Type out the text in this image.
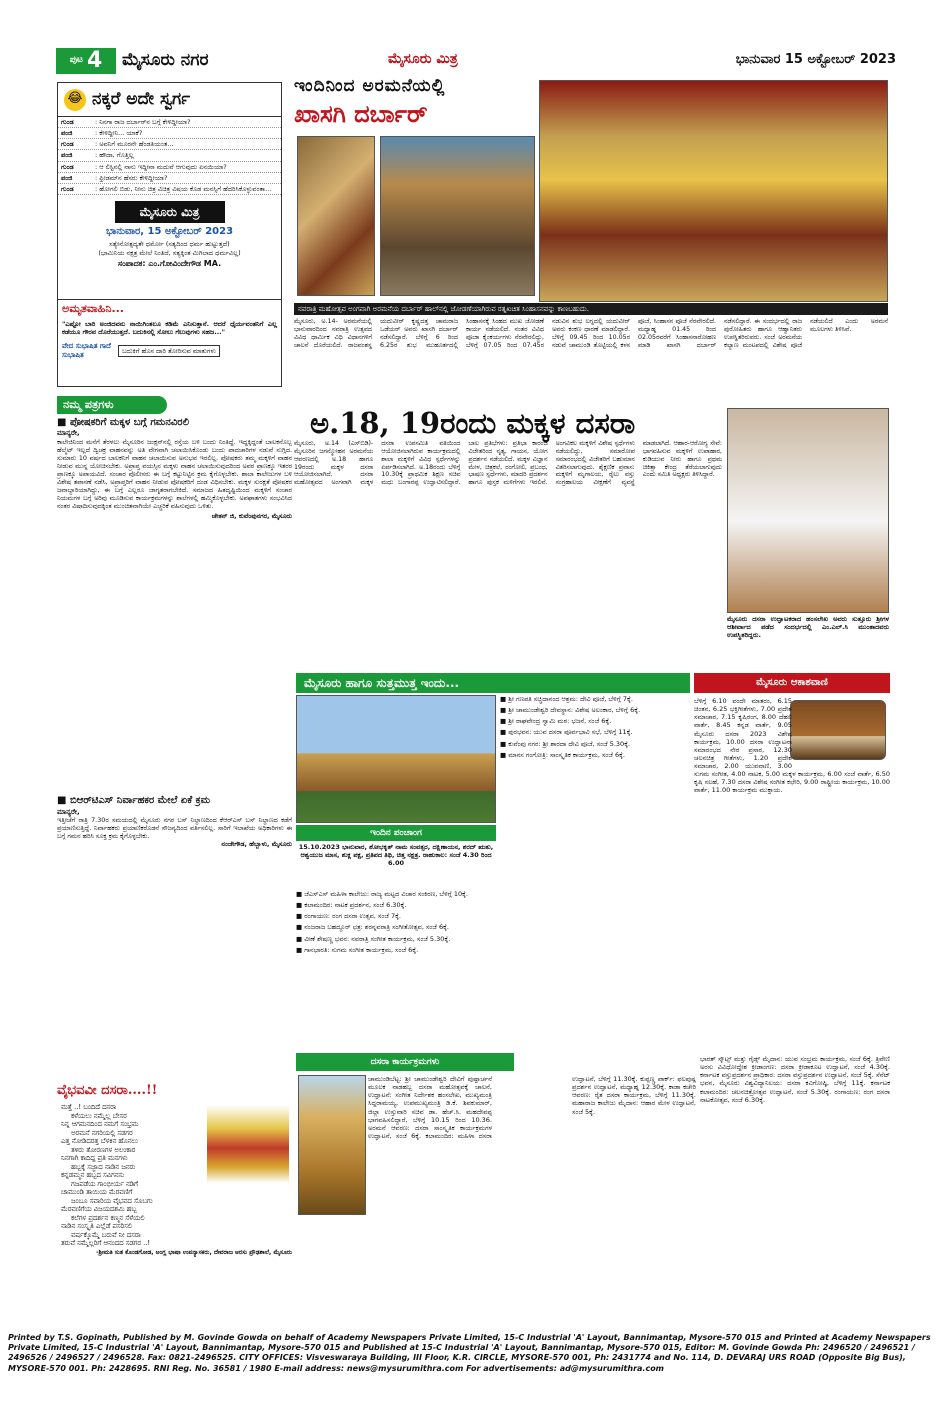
ಪುಟ 4 ಮೈಸೂರು ನಗರ	ಮೈಸೂರು ಮಿತ್ರ	ಭಾನುವಾರ 15 ಅಕ್ಟೋಬರ್ 2023
😂 ನಕ್ಕರೆ ಅದೇ ಸ್ವರ್ಗ
ಗುಂಡ	: ನಿನಗಾ ರಾಜ ದರ್ಬಾರ್‌ನ ಬಗ್ಗೆ ಕೇಳಿದ್ದೀಯಾ?
ಪಂಜಿ	: ಕೇಳಿದ್ದೀನಿ... ಯಾಕೆ?
ಗುಂಡ	: ಅವನಿಗೆ ಮೂರನೇ ಹೆಂಡತಿಯಂತ...
ಪಂಜಿ	: ಹೌದಾ, ಗೊತ್ತಿಲ್ಲ
ಗುಂಡ	: ಆ ಲಿಸ್ಟಿನಲ್ಲಿ ನಾನು ಇದ್ದೀನಾ ಮದುವೆ ಆಗುವುದು ಏನಯಿಯಾ?
ಪಂಜಿ	: ಫ್ರೀಡಮ್‌ನ ಹೆಸರು ಕೇಳಿದ್ದೀಯಾ?
ಗುಂಡ	: ಹೋಗಲಿ ಬಿಡು, ನೀನು ಚಿತ್ರ ವಿಚಿತ್ರ ವಿಷಯ ಕೊಡ ಮನಸ್ಸಿಗೆ ಹೆದರಿಸಿಕೊಳ್ಳುವಂತಾ...
ಮೈಸೂರು ಮಿತ್ರ
ಭಾನುವಾರ, 15 ಅಕ್ಟೋಬರ್ 2023
ಸತ್ಯೇನೋತ್ಪದ್ಯತೇ ಧರ್ಮೋ (ಸತ್ಯದಿಂದ ಧರ್ಮ ಹುಟ್ಟುತ್ತದೆ)
(ಭಾಮಿನಿಯ ನಕ್ಷತ್ರ ಮೇಲೆ ನಿಂತಿದೆ, ಸತ್ಯಕ್ಕಿಂತ ಮಿಗಿಲಾದ ಧರ್ಮವಿಲ್ಲ)
ಸಂಪಾದಕ: ಎಂ.ಗೋವಿಂದೇಗೌಡ MA.
ಅಮೃತವಾಹಿನಿ...
"ಎಷ್ಟೋ ಬಾರಿ ಅಂಜಿದವನು ನಾಯಿಗಿಂತಲೂ ಕಡಿಮೆ ಎನಿಸುತ್ತಾನೆ. ಆದರೆ ಧೈರ್ಯವಂತನಿಗೆ ಎಲ್ಲ ಕಡೆಯೂ ಗೌರವ ದೊರೆಯುತ್ತದೆ. ಬದುಕಿನಲ್ಲಿ ಸೋಲು ಗೆಲುವುಗಳು ಸಹಜ..."
ವೇದ ಸುಭಾಷಿತ ಗಾದೆ ಸುಭಾಷಿತ
ಬದುಕಿಗೆ ಹೊಸ ದಾರಿ ತೋರಿಸುವ ಮಾತುಗಳು
ನಮ್ಮ ಪತ್ರಗಳು
■ ಪೋಷಕರಿಗೆ ಮಕ್ಕಳ ಬಗ್ಗೆ ಗಮನವಿರಲಿ
ಮಾನ್ಯರೇ,
ಕಾಲೇಜಿನಿಂದ ಮನೆಗೆ ತೆರಳಲು ಮೈಸೂರಿನ ಜಂಕ್ಷನ್‌ನಲ್ಲಿ ರಸ್ತೆಯ ಬಳಿ ಬಂದು ನಿಂತಿದ್ದೆ. ಇದ್ದಕ್ಕಿದ್ದಂತೆ ಬಾಲಕನೊಬ್ಬ ಹೆಲ್ಮೆಟ್ ಇಲ್ಲದೆ ದ್ವಿಚಕ್ರ ವಾಹನವನ್ನು ಅತಿ ವೇಗವಾಗಿ ಚಲಾಯಿಸಿಕೊಂಡು ಬಂದು ಪಾದಚಾರಿಗಳ ನಡುವೆ ನುಗ್ಗಿದ. ಸುಮಾರು 10 ವರ್ಷದ ಬಾಲಕನಿಗೆ ವಾಹನ ಚಲಾಯಿಸುವ ಅನುಭವ ಇರಲಿಲ್ಲ. ಪೋಷಕರು ತಮ್ಮ ಮಕ್ಕಳಿಗೆ ವಾಹನ ನೀಡುವ ಮುನ್ನ ಯೋಚಿಸಬೇಕು. ಅಪ್ರಾಪ್ತ ವಯಸ್ಸಿನ ಮಕ್ಕಳು ವಾಹನ ಚಲಾಯಿಸುವುದರಿಂದ ಅವರ ಪ್ರಾಣಕ್ಕೂ ಇತರರ ಪ್ರಾಣಕ್ಕೂ ಅಪಾಯವಿದೆ. ಸಂಚಾರ ಪೊಲೀಸರು ಈ ಬಗ್ಗೆ ಕಟ್ಟುನಿಟ್ಟಿನ ಕ್ರಮ ಕೈಗೊಳ್ಳಬೇಕು. ಶಾಲಾ ಕಾಲೇಜುಗಳ ಬಳಿ ವಿಶೇಷ ತಪಾಸಣೆ ನಡೆಸಿ, ಅಪ್ರಾಪ್ತರಿಗೆ ವಾಹನ ನೀಡುವ ಪೋಷಕರಿಗೆ ದಂಡ ವಿಧಿಸಬೇಕು. ಮಕ್ಕಳ ಸುರಕ್ಷತೆ ಪೋಷಕರ ಜವಾಬ್ದಾರಿಯಾಗಿದ್ದು, ಈ ಬಗ್ಗೆ ಎಲ್ಲರೂ ಜಾಗೃತರಾಗಬೇಕಿದೆ. ಸಮಾಜದ ಹಿತದೃಷ್ಟಿಯಿಂದ ಮಕ್ಕಳಿಗೆ ಸಂಚಾರ ನಿಯಮಗಳ ಬಗ್ಗೆ ಅರಿವು ಮೂಡಿಸುವ ಕಾರ್ಯಕ್ರಮಗಳನ್ನು ಶಾಲೆಗಳಲ್ಲಿ ಹಮ್ಮಿಕೊಳ್ಳಬೇಕು. ಅಪಘಾತಗಳು ಸಂಭವಿಸಿದ ನಂತರ ವಿಷಾದಿಸುವುದಕ್ಕಿಂತ ಮುಂಚಿತವಾಗಿಯೇ ಎಚ್ಚರಿಕೆ ವಹಿಸುವುದು ಒಳಿತು.
ಚೇತನ್ ಜಿ, ಕುವೆಂಪುನಗರ, ಮೈಸೂರು
■ ಬಿಆರ್‌ಟಿಎಸ್ ನಿರ್ವಾಹಕರ ಮೇಲೆ ಏಕೆ ಕ್ರಮ
ಮಾನ್ಯರೇ,
ಇತ್ತೀಚೆಗೆ ರಾತ್ರಿ 7.30ರ ಸಮಯದಲ್ಲಿ ಮೈಸೂರು ನಗರ ಬಸ್ ನಿಲ್ದಾಣದಿಂದ ಕೆಆರ್‌ಎಸ್ ಬಸ್ ನಿಲ್ದಾಣದ ಕಡೆಗೆ ಪ್ರಯಾಣಿಸುತ್ತಿದ್ದೆ. ನಿರ್ವಾಹಕರು ಪ್ರಯಾಣಿಕರೊಡನೆ ಸೌಜನ್ಯದಿಂದ ವರ್ತಿಸಲಿಲ್ಲ. ಸಾರಿಗೆ ಇಲಾಖೆಯ ಅಧಿಕಾರಿಗಳು ಈ ಬಗ್ಗೆ ಗಮನ ಹರಿಸಿ ಸೂಕ್ತ ಕ್ರಮ ಕೈಗೊಳ್ಳಬೇಕು.
ನಂಜೇಗೌಡ, ಹೆಬ್ಬಾಳು, ಮೈಸೂರು
ವೈಭವವೀ ದಸರಾ....!!
ಮತ್ತೆ ..! ಬಂದಿದೆ ದಸರಾ
ಕಳೆಯಲು ನಮ್ಮೆಲ್ಲ ಬೇಸರ
ನಿನ್ನ ಆಗಮನದಿಂದ ನಮಗೆ ಸಂಭ್ರಮ
ಅರಮನೆ ನಗರಿಯಲ್ಲಿ ಸಡಗರ
ಎತ್ತ ನೋಡಿದರತ್ತ ಬೆಳಕಿನ ಹೊನಲು
ತಳಿರು ತೋರಣಗಳ ಅಲಂಕಾರ
ನಿನಗಾಗಿ ಕಾದಿದ್ದ ಪ್ರತಿ ಮನಗಳು
ಹಬ್ಬಕ್ಕೆ ಸಜ್ಜಾದ ನಾಡಿನ ಜನರು
ಕನ್ನಡಮ್ಮನ ಹಬ್ಬದ ಸವಿಗನಸು
ಗಜಪಡೆಯ ಗಾಂಭೀರ್ಯ ನಡಿಗೆ
ಚಾಮುಂಡಿ ತಾಯಿಯ ಮೆರವಣಿಗೆ
ಜಂಬೂ ಸವಾರಿಯ ವೈಭವದ ಸೊಬಗು
ಮೆರವಣಿಗೆಯ ವಿಜಯದಶಮಿ ಹಬ್ಬ
ಕಲೆಗಳ ಪ್ರದರ್ಶನ ಕಣ್ಮನ ಸೆಳೆಯಲಿ
ನಾಡಿನ ಸಂಸ್ಕೃತಿ ಎಲ್ಲೆಡೆ ಪಸರಿಸಲಿ
ವರ್ಷಕ್ಕೊಮ್ಮೆ ಬರುವೆ ನೀ ದಸರಾ
ತರುವೆ ನಮ್ಮೆಲ್ಲರಿಗೆ ಆನಂದದ ಸಡಗರ ..!
-ಶ್ರೀಮತಿ ಸುತ ಕೊಂಡಗೋಡ, ಅಂಗ್ಲ ಭಾಷಾ ಉಪನ್ಯಾಸಕರು, ದೇವರಾಜ ಅರಸು ಪ್ರೌಢಶಾಲೆ, ಮೈಸೂರು
ಇಂದಿನಿಂದ ಅರಮನೆಯಲ್ಲಿ
ಖಾಸಗಿ ದರ್ಬಾರ್
ನವರಾತ್ರಿ ಮಹೋತ್ಸವ ಅಂಗವಾಗಿ ಅರಮನೆಯ ದರ್ಬಾರ್ ಹಾಲ್‌ನಲ್ಲಿ ಜೋಡಣೆಯಾಗಿರುವ ರತ್ನಖಚಿತ ಸಿಂಹಾಸನವನ್ನು ಕಾಣಬಹುದು.
ಮೈಸೂರು, ಅ.14- ಅರಮನೆಯಲ್ಲಿ ಭಾನುವಾರದಿಂದ ನವರಾತ್ರಿ ಉತ್ಸವದ ವಿವಿಧ ಧಾರ್ಮಿಕ ವಿಧಿ ವಿಧಾನಗಳಿಗೆ ಚಾಲನೆ ದೊರೆಯಲಿದೆ. ರಾಜವಂಶಸ್ಥ ಯದುವೀರ್ ಕೃಷ್ಣದತ್ತ ಚಾಮರಾಜ ಒಡೆಯರ್ ಅವರು ಖಾಸಗಿ ದರ್ಬಾರ್ ನಡೆಸಲಿದ್ದಾರೆ. ಬೆಳಿಗ್ಗೆ 6 ರಿಂದ 6.25ರ ಶುಭ ಮುಹೂರ್ತದಲ್ಲಿ ಸಿಂಹಾಸನಕ್ಕೆ ಸಿಂಹದ ಮುಖ ಜೋಡಣೆ ಕಾರ್ಯ ನಡೆಯಲಿದೆ. ನಂತರ ವಿವಿಧ ಪೂಜಾ ಕೈಂಕರ್ಯಗಳು ನೆರವೇರಲಿದ್ದು, ಬೆಳಿಗ್ಗೆ 07.05 ರಿಂದ 07.45ರ ನಡುವಿನ ಶುಭ ಲಗ್ನದಲ್ಲಿ ಯದುವೀರ್ ಅವರು ಕಂಕಣ ಧಾರಣೆ ಮಾಡಲಿದ್ದಾರೆ. ಬೆಳಿಗ್ಗೆ 09.45 ರಿಂದ 10.05ರ ನಡುವೆ ಚಾಮುಂಡಿ ತೊಟ್ಟಿಯಲ್ಲಿ ಕಳಸ ಪೂಜೆ, ಸಿಂಹಾಸನ ಪೂಜೆ ನೆರವೇರಲಿದೆ. ಮಧ್ಯಾಹ್ನ 01.45 ರಿಂದ 02.05ರವರೆಗೆ ಸಿಂಹಾಸನಾರೋಹಣ ಮಾಡಿ ಖಾಸಗಿ ದರ್ಬಾರ್ ನಡೆಸಲಿದ್ದಾರೆ. ಈ ಸಂದರ್ಭದಲ್ಲಿ ರಾಜ ಪುರೋಹಿತರು ಹಾಗೂ ಆಹ್ವಾನಿತರು ಉಪಸ್ಥಿತರಿರುವರು. ಸಂಜೆ ಅರಮನೆಯ ಕಲ್ಯಾಣ ಮಂಟಪದಲ್ಲಿ ವಿಶೇಷ ಪೂಜೆ ನಡೆಯಲಿದೆ ಎಂದು ಅರಮನೆ ಮೂಲಗಳು ತಿಳಿಸಿವೆ.
ಅ.18, 19ರಂದು ಮಕ್ಕಳ ದಸರಾ
ಮೈಸೂರು, ಅ.14 (ಎಸ್‌ಬಿಡಿ)- ಮೈಸೂರಿನ ಜಗನ್ಮೋಹನ ಅರಮನೆಯ ಆವರಣದಲ್ಲಿ ಅ.18 ಹಾಗೂ 19ರಂದು ಮಕ್ಕಳ ದಸರಾ ಆಯೋಜಿಸಲಾಗಿದೆ. ದಸರಾ ಮಹೋತ್ಸವದ ಅಂಗವಾಗಿ ಮಕ್ಕಳ ದಸರಾ ಉಪಸಮಿತಿ ವತಿಯಿಂದ ಆಯೋಜಿಸಲಾಗಿರುವ ಕಾರ್ಯಕ್ರಮದಲ್ಲಿ ಶಾಲಾ ಮಕ್ಕಳಿಗೆ ವಿವಿಧ ಸ್ಪರ್ಧೆಗಳನ್ನು ಏರ್ಪಡಿಸಲಾಗಿದೆ. ಅ.18ರಂದು ಬೆಳಿಗ್ಗೆ 10.30ಕ್ಕೆ ಪ್ರಾಥಮಿಕ ಶಿಕ್ಷಣ ಸಚಿವ ಮಧು ಬಂಗಾರಪ್ಪ ಉದ್ಘಾಟಿಸಲಿದ್ದಾರೆ. ಬಾಲ ಪ್ರತಿಭೆಗಳು: ಪ್ರತಿಭಾ ಕಾರಂಜಿ ವಿಜೇತರಿಂದ ನೃತ್ಯ, ಗಾಯನ, ಯೋಗ ಪ್ರದರ್ಶನ ನಡೆಯಲಿದೆ. ಮಕ್ಕಳ ವಿಜ್ಞಾನ ಮೇಳ, ಚಿತ್ರಕಲೆ, ರಂಗೋಲಿ, ಪ್ರಬಂಧ, ಭಾಷಣ ಸ್ಪರ್ಧೆಗಳು, ಮಾದರಿ ಪ್ರದರ್ಶನ ಹಾಗೂ ಪುಸ್ತಕ ಮಳಿಗೆಗಳು ಇರಲಿವೆ. ಅಂಗವಿಕಲ ಮಕ್ಕಳಿಗೆ ವಿಶೇಷ ಸ್ಪರ್ಧೆಗಳು ನಡೆಯಲಿದ್ದು, ಸಮಾರೋಪ ಸಮಾರಂಭದಲ್ಲಿ ವಿಜೇತರಿಗೆ ಬಹುಮಾನ ವಿತರಿಸಲಾಗುವುದು. ಶೈಕ್ಷಣಿಕ ಪ್ರವಾಸ: ಮಕ್ಕಳಿಗೆ ಮೃಗಾಲಯ, ರೈಲು ವಸ್ತು ಸಂಗ್ರಹಾಲಯ ವೀಕ್ಷಣೆಗೆ ವ್ಯವಸ್ಥೆ ಮಾಡಲಾಗಿದೆ. ಆಹಾರ-ಆರೋಗ್ಯ ಸೇವೆ: ಭಾಗವಹಿಸುವ ಮಕ್ಕಳಿಗೆ ಉಪಾಹಾರ, ಕುಡಿಯುವ ನೀರು ಹಾಗೂ ಪ್ರಥಮ ಚಿಕಿತ್ಸಾ ಕೇಂದ್ರ ತೆರೆಯಲಾಗುವುದು ಎಂದು ಸಮಿತಿ ಅಧ್ಯಕ್ಷರು ತಿಳಿಸಿದ್ದಾರೆ.
ಮೈಸೂರು ದಸರಾ ಉದ್ಘಾಟಕರಾದ ಹಂಸಲೇಖ ಅವರು ಸುತ್ತೂರು ಶ್ರೀಗಳ ಆಶೀರ್ವಾದ ಪಡೆದ ಸಂದರ್ಭದಲ್ಲಿ ಎಂ.ಎಲ್.ಸಿ ಮುಂತಾದವರು ಉಪಸ್ಥಿತರಿದ್ದರು.
ಮೈಸೂರು ಹಾಗೂ ಸುತ್ತಮುತ್ತ ಇಂದು...
ಇಂದಿನ ಪಂಚಾಂಗ
15.10.2023 ಭಾನುವಾರ, ಶೋಭಕೃತ್ ನಾಮ ಸಂವತ್ಸರ, ದಕ್ಷಿಣಾಯನ, ಶರದ್ ಋತು, ಆಶ್ವಯುಜ ಮಾಸ, ಶುಕ್ಲ ಪಕ್ಷ, ಪ್ರತಿಪದ ತಿಥಿ, ಚಿತ್ತ ನಕ್ಷತ್ರ. ರಾಹುಕಾಲ: ಸಂಜೆ 4.30 ರಿಂದ 6.00
■ ಜೆಎಸ್‌ಎಸ್ ಮಹಿಳಾ ಕಾಲೇಜು: ರಾಜ್ಯ ಮಟ್ಟದ ವಿಚಾರ ಸಂಕಿರಣ, ಬೆಳಿಗ್ಗೆ 10ಕ್ಕೆ.
■ ಕಲಾಮಂದಿರ: ನಾಟಕ ಪ್ರದರ್ಶನ, ಸಂಜೆ 6.30ಕ್ಕೆ.
■ ರಂಗಾಯಣ: ರಂಗ ದಸರಾ ಉತ್ಸವ, ಸಂಜೆ 7ಕ್ಕೆ.
■ ನಂಜರಾಜ ಬಹದ್ದೂರ್ ಛತ್ರ: ಶರನ್ನವರಾತ್ರಿ ಸಂಗೀತೋತ್ಸವ, ಸಂಜೆ 6ಕ್ಕೆ.
■ ವೀಣೆ ಶೇಷಣ್ಣ ಭವನ: ನವರಾತ್ರಿ ಸಂಗೀತ ಕಾರ್ಯಕ್ರಮ, ಸಂಜೆ 5.30ಕ್ಕೆ.
■ ಗಾನಭಾರತಿ: ಸುಗಮ ಸಂಗೀತ ಕಾರ್ಯಕ್ರಮ, ಸಂಜೆ 6ಕ್ಕೆ.
■ ಶ್ರೀ ಗಣಪತಿ ಸಚ್ಚಿದಾನಂದ ಆಶ್ರಮ: ದೇವಿ ಪೂಜೆ, ಬೆಳಿಗ್ಗೆ 7ಕ್ಕೆ.
■ ಶ್ರೀ ಚಾಮುಂಡೇಶ್ವರಿ ದೇವಸ್ಥಾನ: ವಿಶೇಷ ಅಲಂಕಾರ, ಬೆಳಿಗ್ಗೆ 6ಕ್ಕೆ.
■ ಶ್ರೀ ರಾಘವೇಂದ್ರ ಸ್ವಾಮಿ ಮಠ: ಭಜನೆ, ಸಂಜೆ 6ಕ್ಕೆ.
■ ಪುರಭವನ: ಯುವ ದಸರಾ ಪೂರ್ವಭಾವಿ ಸಭೆ, ಬೆಳಿಗ್ಗೆ 11ಕ್ಕೆ.
■ ಕುವೆಂಪು ನಗರ: ಶ್ರೀ ಶಾರದಾ ದೇವಿ ಪೂಜೆ, ಸಂಜೆ 5.30ಕ್ಕೆ.
■ ಮಾನಸ ಗಂಗೋತ್ರಿ: ಸಾಂಸ್ಕೃತಿಕ ಕಾರ್ಯಕ್ರಮ, ಸಂಜೆ 6ಕ್ಕೆ.
ಮೈಸೂರು ಆಕಾಶವಾಣಿ
ಬೆಳಿಗ್ಗೆ 6.10 ವಂದೇ ಮಾತರಂ, 6.15 ಚಿಂತನ, 6.25 ಭಕ್ತಿಗೀತೆಗಳು, 7.00 ಪ್ರದೇಶ ಸಮಾಚಾರ, 7.15 ಕೃಷಿರಂಗ, 8.00 ದೆಹಲಿ ವಾರ್ತೆ, 8.45 ಕನ್ನಡ ವಾರ್ತೆ, 9.05 ಮೈಸೂರು ದಸರಾ 2023 ವಿಶೇಷ ಕಾರ್ಯಕ್ರಮ, 10.00 ದಸರಾ ಉದ್ಘಾಟನಾ ಸಮಾರಂಭದ ನೇರ ಪ್ರಸಾರ, 12.30 ಚಲನಚಿತ್ರ ಗೀತೆಗಳು, 1.20 ಪ್ರದೇಶ ಸಮಾಚಾರ, 2.00 ಯುವವಾಣಿ, 3.00 ಸುಗಮ ಸಂಗೀತ, 4.00 ನಾಟಕ, 5.00 ಮಕ್ಕಳ ಕಾರ್ಯಕ್ರಮ, 6.00 ಸಂಜೆ ವಾರ್ತೆ, 6.50 ಕೃಷಿ ಸಲಹೆ, 7.30 ದಸರಾ ವಿಶೇಷ ಸಂಗೀತ ಕಛೇರಿ, 9.00 ರಾಷ್ಟ್ರೀಯ ಕಾರ್ಯಕ್ರಮ, 10.00 ವಾರ್ತೆ, 11.00 ಕಾರ್ಯಕ್ರಮ ಮುಕ್ತಾಯ.
ದಸರಾ ಕಾರ್ಯಕ್ರಮಗಳು
ಚಾಮುಂಡಿಬೆಟ್ಟ: ಶ್ರೀ ಚಾಮುಂಡೇಶ್ವರಿ ದೇವಿಗೆ ಪುಷ್ಪಾರ್ಚನೆ ಮೂಲಕ ನಾಡಹಬ್ಬ ದಸರಾ ಮಹೋತ್ಸವಕ್ಕೆ ಚಾಲನೆ, ಉದ್ಘಾಟನೆ: ಸಂಗೀತ ನಿರ್ದೇಶಕ ಹಂಸಲೇಖ, ಮುಖ್ಯಮಂತ್ರಿ ಸಿದ್ದರಾಮಯ್ಯ, ಉಪಮುಖ್ಯಮಂತ್ರಿ ಡಿ.ಕೆ. ಶಿವಕುಮಾರ್, ಜಿಲ್ಲಾ ಉಸ್ತುವಾರಿ ಸಚಿವ ಡಾ. ಹೆಚ್.ಸಿ. ಮಹದೇವಪ್ಪ ಭಾಗವಹಿಸಲಿದ್ದಾರೆ, ಬೆಳಿಗ್ಗೆ 10.15 ರಿಂದ 10.36. ಅರಮನೆ ಆವರಣ: ದಸರಾ ಸಾಂಸ್ಕೃತಿಕ ಕಾರ್ಯಕ್ರಮಗಳ ಉದ್ಘಾಟನೆ, ಸಂಜೆ 6ಕ್ಕೆ. ಕಲಾಮಂದಿರ: ಮಹಿಳಾ ದಸರಾ ಉದ್ಘಾಟನೆ, ಬೆಳಿಗ್ಗೆ 11.30ಕ್ಕೆ. ಕುಪ್ಪಣ್ಣ ಪಾರ್ಕ್: ಫಲಪುಷ್ಪ ಪ್ರದರ್ಶನ ಉದ್ಘಾಟನೆ, ಮಧ್ಯಾಹ್ನ 12.30ಕ್ಕೆ. ಕಾಡಾ ಕಚೇರಿ ಆವರಣ: ರೈತ ದಸರಾ ಕಾರ್ಯಕ್ರಮ, ಬೆಳಿಗ್ಗೆ 11.30ಕ್ಕೆ. ಮಹಾರಾಜ ಕಾಲೇಜು ಮೈದಾನ: ಆಹಾರ ಮೇಳ ಉದ್ಘಾಟನೆ, ಸಂಜೆ 5ಕ್ಕೆ.
ಭಾರತ್ ಸ್ಕೌಟ್ಸ್ ಮತ್ತು ಗೈಡ್ಸ್ ಮೈದಾನ: ಯುವ ಸಂಭ್ರಮ ಕಾರ್ಯಕ್ರಮ, ಸಂಜೆ 6ಕ್ಕೆ. ತ್ರಿವೇಣಿ ಅರಸು ವಿವಿಧೋದ್ದೇಶ ಕ್ರೀಡಾಂಗಣ: ದಸರಾ ಕ್ರೀಡಾಕೂಟ ಉದ್ಘಾಟನೆ, ಸಂಜೆ 4.30ಕ್ಕೆ. ಕರ್ನಾಟಕ ವಸ್ತುಪ್ರದರ್ಶನ ಪ್ರಾಧಿಕಾರ: ದಸರಾ ವಸ್ತುಪ್ರದರ್ಶನ ಉದ್ಘಾಟನೆ, ಸಂಜೆ 5ಕ್ಕೆ. ಸೆನೆಟ್ ಭವನ, ಮೈಸೂರು ವಿಶ್ವವಿದ್ಯಾನಿಲಯ: ದಸರಾ ಕವಿಗೋಷ್ಠಿ, ಬೆಳಿಗ್ಗೆ 11ಕ್ಕೆ. ಕರ್ನಾಟಕ ಕಲಾಮಂದಿರ: ಚಲನಚಿತ್ರೋತ್ಸವ ಉದ್ಘಾಟನೆ, ಸಂಜೆ 5.30ಕ್ಕೆ. ರಂಗಾಯಣ: ರಂಗ ದಸರಾ ನಾಟಕೋತ್ಸವ, ಸಂಜೆ 6.30ಕ್ಕೆ.
Printed by T.S. Gopinath, Published by M. Govinde Gowda on behalf of Academy Newspapers Private Limited, 15-C Industrial 'A' Layout, Bannimantap, Mysore-570 015 and Printed at Academy Newspapers Private Limited, 15-C Industrial 'A' Layout, Bannimantap, Mysore-570 015 and Published at 15-C Industrial 'A' Layout, Bannimantap, Mysore-570 015, Editor: M. Govinde Gowda Ph: 2496520 / 2496521 / 2496526 / 2496527 / 2496528. Fax: 0821-2496525. CITY OFFICES: Visveswaraya Building, III Floor, K.R. CIRCLE, MYSORE-570 001, Ph: 2431774 and No. 114, D. DEVARAJ URS ROAD (Opposite Big Bus), MYSORE-570 001. Ph: 2428695. RNI Reg. No. 36581 / 1980 E-mail address: news@mysurumithra.com For advertisements: ad@mysurumithra.com
